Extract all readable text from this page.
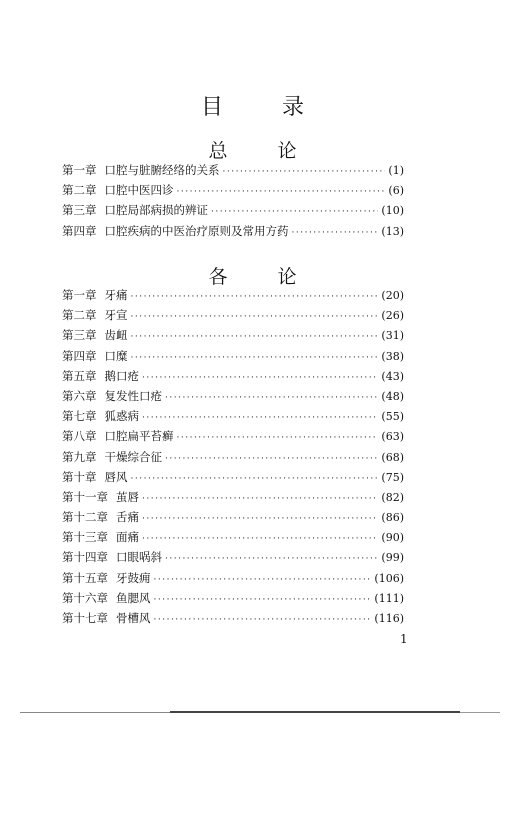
目 录
总 论
第一章 口腔与脏腑经络的关系 ·····	(1)
第二章 口腔中医四诊 ·····	(6)
第三章 口腔局部病损的辨证 ·····	(10)
第四章 口腔疾病的中医治疗原则及常用方药 ·····	(13)
各 论
第一章 牙痛 ·····	(20)
第二章 牙宣 ·····	(26)
第三章 齿衄 ·····	(31)
第四章 口糜 ·····	(38)
第五章 鹅口疮 ·····	(43)
第六章 复发性口疮 ·····	(48)
第七章 狐惑病 ·····	(55)
第八章 口腔扁平苔癣 ·····	(63)
第九章 干燥综合征 ·····	(68)
第十章 唇风 ·····	(75)
第十一章 茧唇 ·····	(82)
第十二章 舌痛 ·····	(86)
第十三章 面痛 ·····	(90)
第十四章 口眼㖞斜 ·····	(99)
第十五章 牙鼓痈 ·····	(106)
第十六章 鱼腮风 ·····	(111)
第十七章 骨槽风 ·····	(116)
1
